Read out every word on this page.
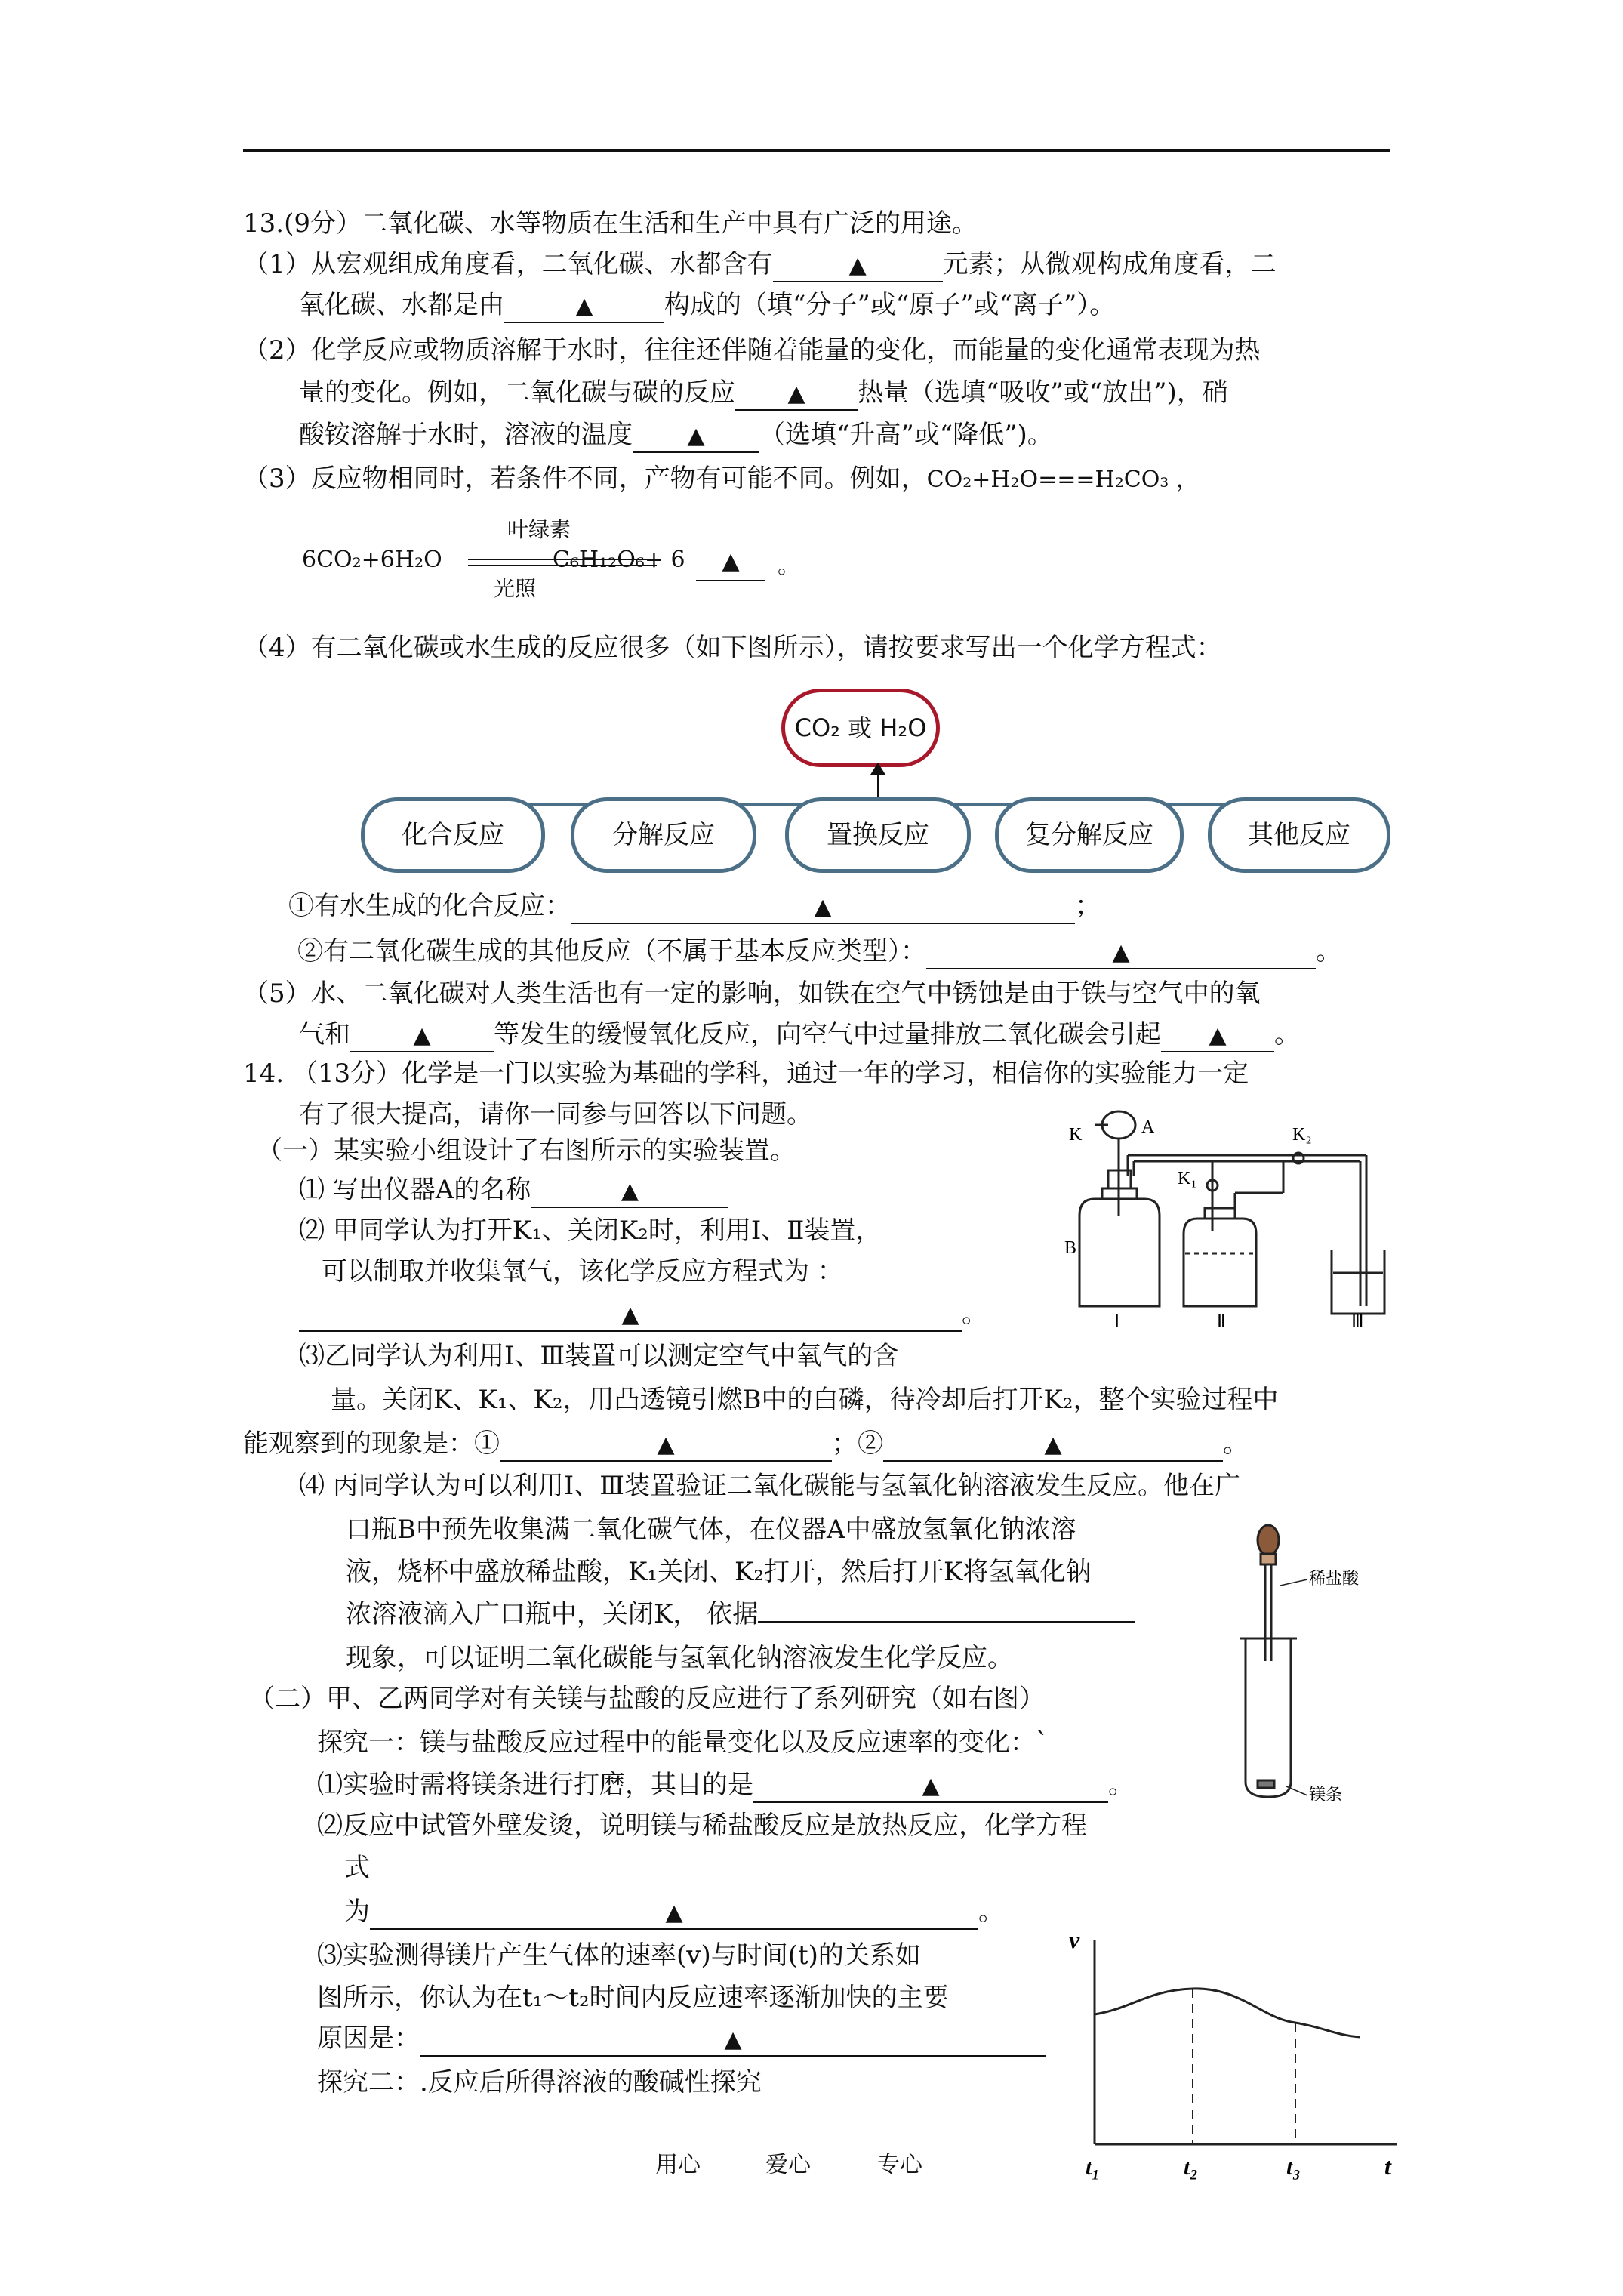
13.(9分）二氧化碳、水等物质在生活和生产中具有广泛的用途。
（1）从宏观组成角度看，二氧化碳、水都含有	▲	元素；从微观构成角度看，二
氧化碳、水都是由	▲	构成的（填“分子”或“原子”或“离子”）。
（2）化学反应或物质溶解于水时，往往还伴随着能量的变化，而能量的变化通常表现为热
量的变化。例如，二氧化碳与碳的反应 ▲ 热量（选填“吸收”或“放出”)，硝
酸铵溶解于水时，溶液的温度 ▲ （选填“升高”或“降低”)。
（3）反应物相同时，若条件不同，产物有可能不同。例如，CO₂+H₂O===H₂CO₃ ，
6CO₂+6H₂O
叶绿素
光照
C₆H₁₂O₆+ 6	▲	。
（4）有二氧化碳或水生成的反应很多（如下图所示），请按要求写出一个化学方程式：
CO₂ 或 H₂O
化合反应	分解反应	置换反应	复分解反应	其他反应
①有水生成的化合反应：	▲	；
②有二氧化碳生成的其他反应（不属于基本反应类型）：	▲	。
（5）水、二氧化碳对人类生活也有一定的影响，如铁在空气中锈蚀是由于铁与空气中的氧
气和	▲ 等发生的缓慢氧化反应，向空气中过量排放二氧化碳会引起 ▲ 。
14. （13分）化学是一门以实验为基础的学科，通过一年的学习，相信你的实验能力一定
有了很大提高，请你一同参与回答以下问题。
（一）某实验小组设计了右图所示的实验装置。
⑴ 写出仪器A的名称	▲
⑵ 甲同学认为打开K₁、关闭K₂时，利用Ⅰ、Ⅱ装置，
可以制取并收集氧气，该化学反应方程式为 ：
▲	。
K	A	K₂
K₁
B
Ⅰ	Ⅱ	Ⅲ
⑶乙同学认为利用Ⅰ、Ⅲ装置可以测定空气中氧气的含
量。关闭K、K₁、K₂，用凸透镜引燃B中的白磷，待冷却后打开K₂，整个实验过程中
能观察到的现象是：①	▲	；②	▲	。
⑷ 丙同学认为可以利用Ⅰ、Ⅲ装置验证二氧化碳能与氢氧化钠溶液发生反应。他在广
口瓶B中预先收集满二氧化碳气体，在仪器A中盛放氢氧化钠浓溶
液，烧杯中盛放稀盐酸，K₁关闭、K₂打开，然后打开K将氢氧化钠
浓溶液滴入广口瓶中，关闭K， 依据
现象，可以证明二氧化碳能与氢氧化钠溶液发生化学反应。
稀盐酸
镁条
（二）甲、乙两同学对有关镁与盐酸的反应进行了系列研究（如右图）
探究一：镁与盐酸反应过程中的能量变化以及反应速率的变化：`
⑴实验时需将镁条进行打磨，其目的是	▲	。
⑵反应中试管外壁发烫，说明镁与稀盐酸反应是放热反应，化学方程
式
为	▲	。
⑶实验测得镁片产生气体的速率(v)与时间(t)的关系如
图所示，你认为在t₁～t₂时间内反应速率逐渐加快的主要
原因是：	▲
探究二：.反应后所得溶液的酸碱性探究
v
t
t₁	t₂	t₃
用心	爱心	专心
